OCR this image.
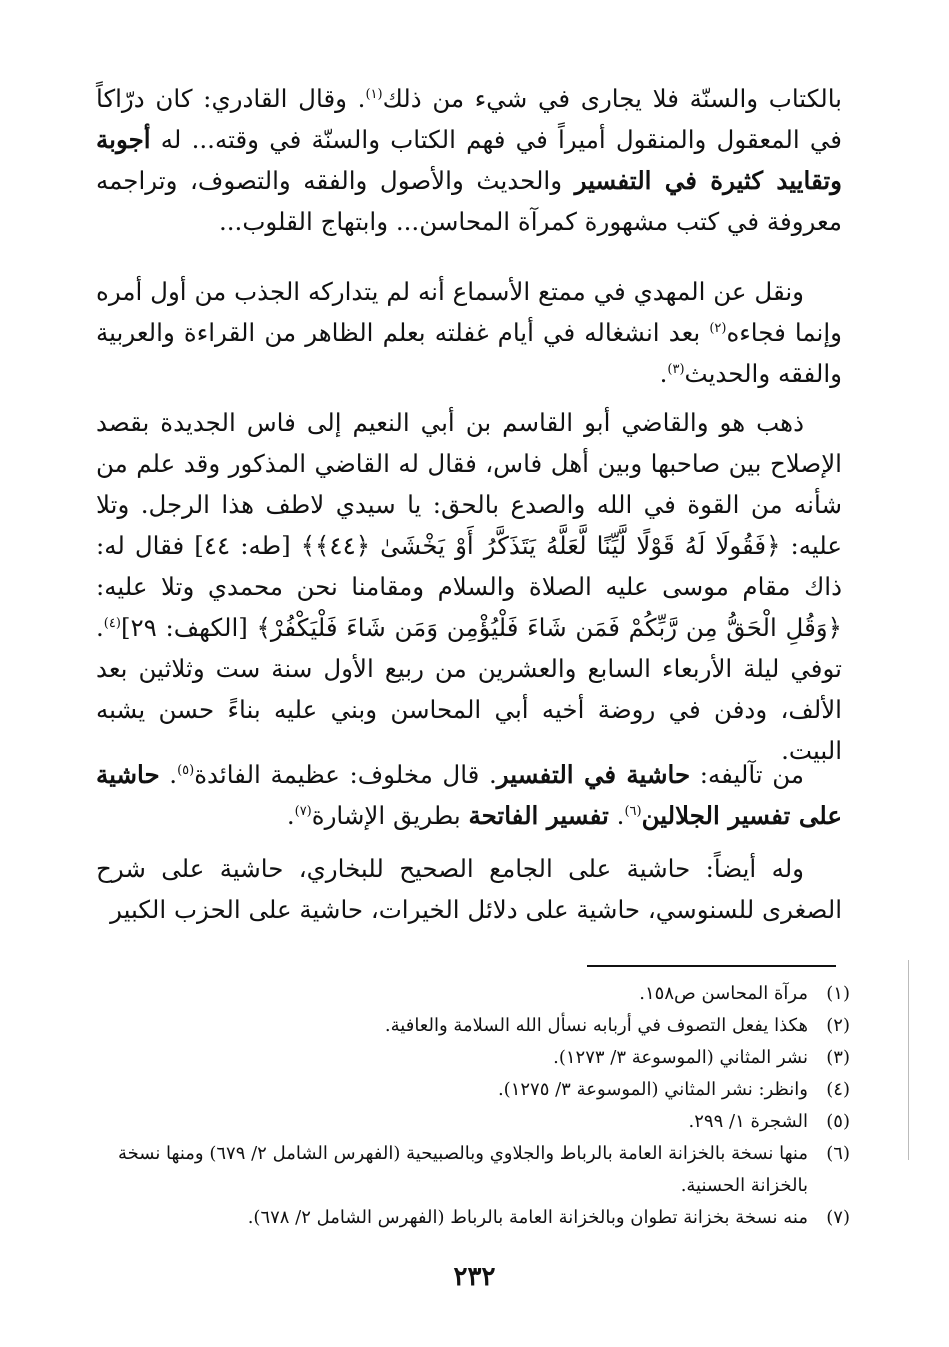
بالكتاب والسنّة فلا يجارى في شيء من ذلك$^{(١)}$. وقال القادري: كان درّاكاً في المعقول والمنقول أميراً في فهم الكتاب والسنّة في وقته... له أجوبة وتقاييد كثيرة في التفسير والحديث والأصول والفقه والتصوف، وتراجمه معروفة في كتب مشهورة كمرآة المحاسن... وابتهاج القلوب...

ونقل عن المهدي في ممتع الأسماع أنه لم يتداركه الجذب من أول أمره وإنما فجاءه$^{(٢)}$ بعد انشغاله في أيام غفلته بعلم الظاهر من القراءة والعربية والفقه والحديث$^{(٣)}$.

ذهب هو والقاضي أبو القاسم بن أبي النعيم إلى فاس الجديدة بقصد الإصلاح بين صاحبها وبين أهل فاس، فقال له القاضي المذكور وقد علم من شأنه من القوة في الله والصدع بالحق: يا سيدي لاطف هذا الرجل. وتلا عليه: ﴿فَقُولَا لَهُ قَوْلًا لَّيِّنًا لَّعَلَّهُ يَتَذَكَّرُ أَوْ يَخْشَىٰ ﴿٤٤﴾﴾ [طه: ٤٤] فقال له: ذاك مقام موسى عليه الصلاة والسلام ومقامنا نحن محمدي وتلا عليه: ﴿وَقُلِ الْحَقُّ مِن رَّبِّكُمْ فَمَن شَاءَ فَلْيُؤْمِن وَمَن شَاءَ فَلْيَكْفُرْ﴾ [الكهف: ٢٩]$^{(٤)}$. توفي ليلة الأربعاء السابع والعشرين من ربيع الأول سنة ست وثلاثين بعد الألف، ودفن في روضة أخيه أبي المحاسن وبني عليه بناءً حسن يشبه البيت.

من تآليفه: حاشية في التفسير. قال مخلوف: عظيمة الفائدة$^{(٥)}$. حاشية على تفسير الجلالين$^{(٦)}$. تفسير الفاتحة بطريق الإشارة$^{(٧)}$.

وله أيضاً: حاشية على الجامع الصحيح للبخاري، حاشية على شرح الصغرى للسنوسي، حاشية على دلائل الخيرات، حاشية على الحزب الكبير

(١)
مرآة المحاسن ص١٥٨.
(٢)
هكذا يفعل التصوف في أربابه نسأل الله السلامة والعافية.
(٣)
نشر المثاني (الموسوعة ٣/ ١٢٧٣).
(٤)
وانظر: نشر المثاني (الموسوعة ٣/ ١٢٧٥).
(٥)
الشجرة ١/ ٢٩٩.
(٦)
منها نسخة بالخزانة العامة بالرباط والجلاوي وبالصبيحية (الفهرس الشامل ٢/ ٦٧٩) ومنها نسخة بالخزانة الحسنية.
(٧)
منه نسخة بخزانة تطوان وبالخزانة العامة بالرباط (الفهرس الشامل ٢/ ٦٧٨).
٢٣٢
